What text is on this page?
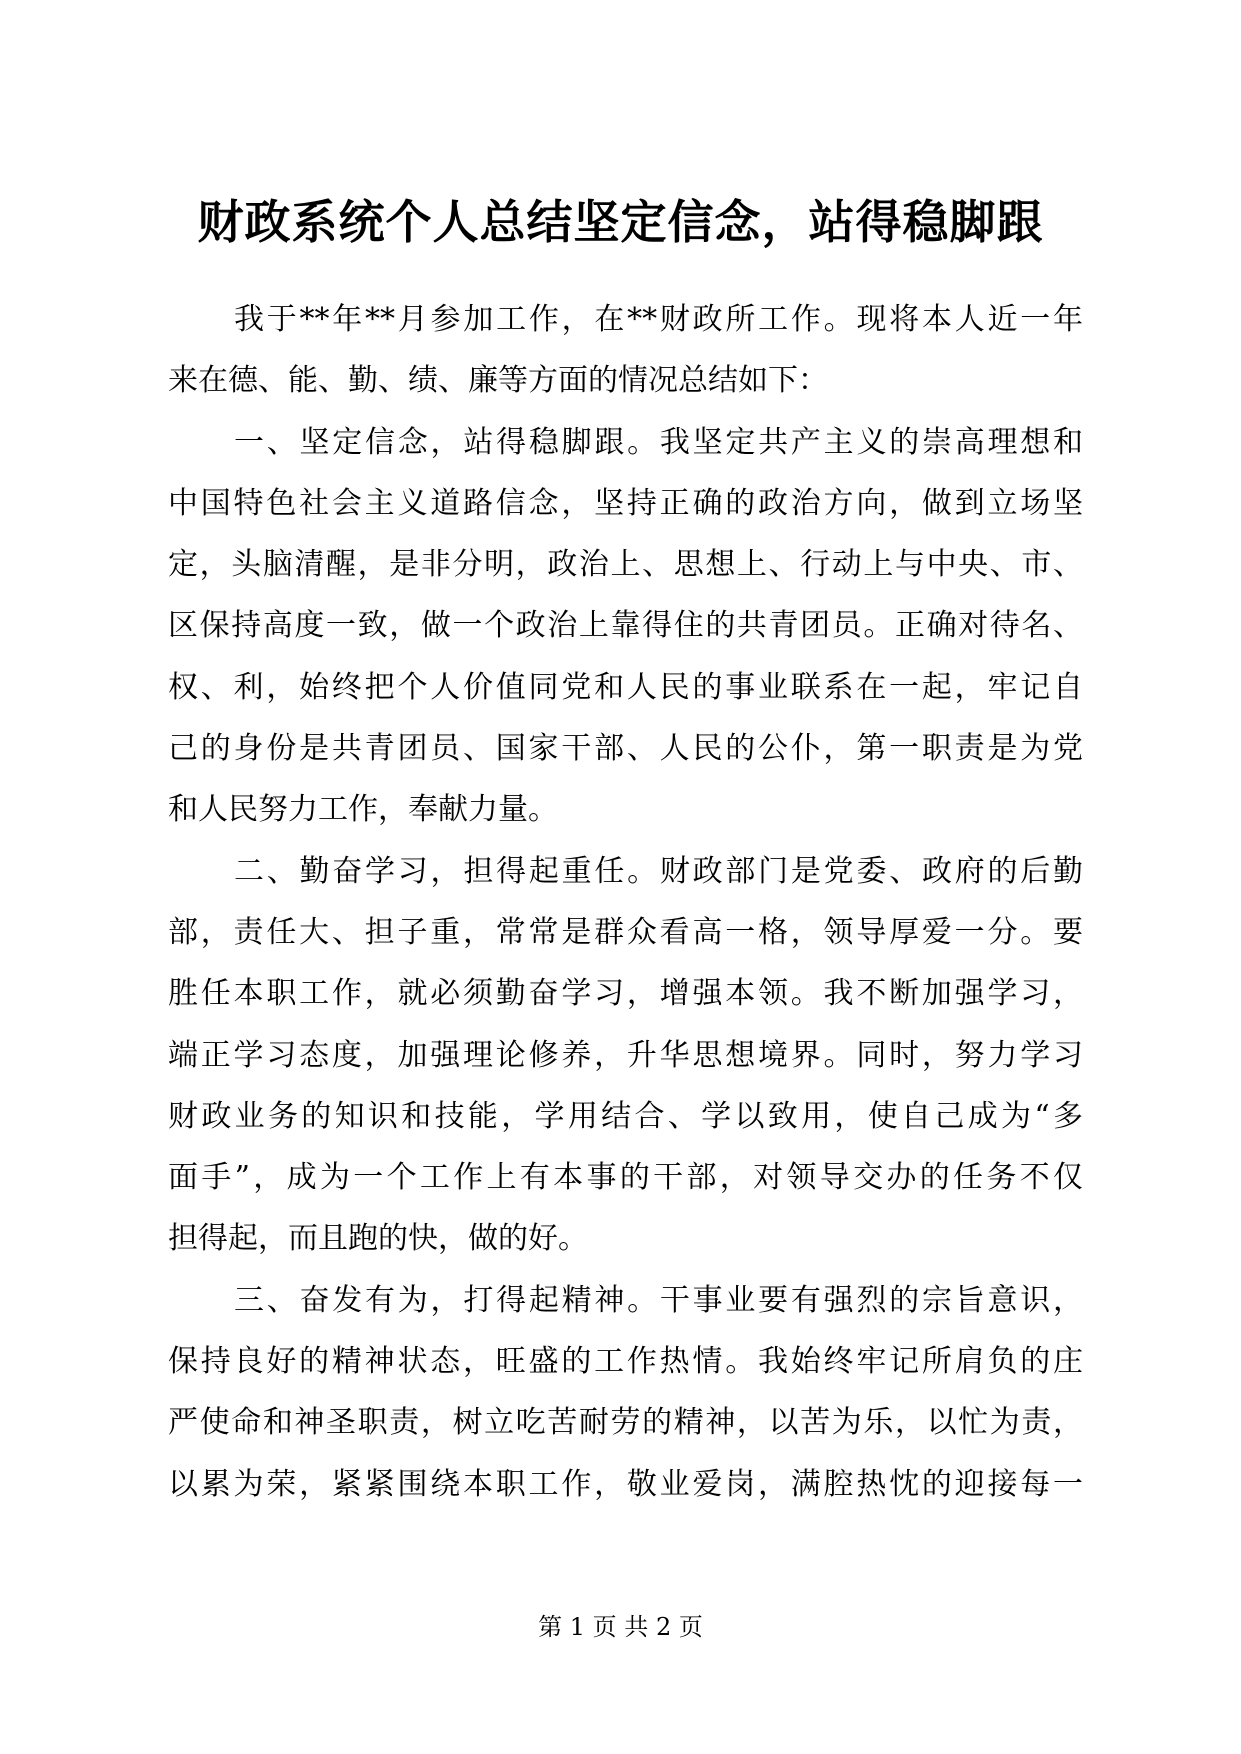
财政系统个人总结坚定信念，站得稳脚跟

我于**年**月参加工作，在**财政所工作。现将本人近一年
来在德、能、勤、绩、廉等方面的情况总结如下：

一、坚定信念，站得稳脚跟。我坚定共产主义的崇高理想和
中国特色社会主义道路信念，坚持正确的政治方向，做到立场坚
定，头脑清醒，是非分明，政治上、思想上、行动上与中央、市、
区保持高度一致，做一个政治上靠得住的共青团员。正确对待名、
权、利，始终把个人价值同党和人民的事业联系在一起，牢记自
己的身份是共青团员、国家干部、人民的公仆，第一职责是为党
和人民努力工作，奉献力量。

二、勤奋学习，担得起重任。财政部门是党委、政府的后勤
部，责任大、担子重，常常是群众看高一格，领导厚爱一分。要
胜任本职工作，就必须勤奋学习，增强本领。我不断加强学习，
端正学习态度，加强理论修养，升华思想境界。同时，努力学习
财政业务的知识和技能，学用结合、学以致用，使自己成为“多
面手”，成为一个工作上有本事的干部，对领导交办的任务不仅
担得起，而且跑的快，做的好。

三、奋发有为，打得起精神。干事业要有强烈的宗旨意识，
保持良好的精神状态，旺盛的工作热情。我始终牢记所肩负的庄
严使命和神圣职责，树立吃苦耐劳的精神，以苦为乐，以忙为责，
以累为荣，紧紧围绕本职工作，敬业爱岗，满腔热忱的迎接每一

第 1 页 共 2 页
